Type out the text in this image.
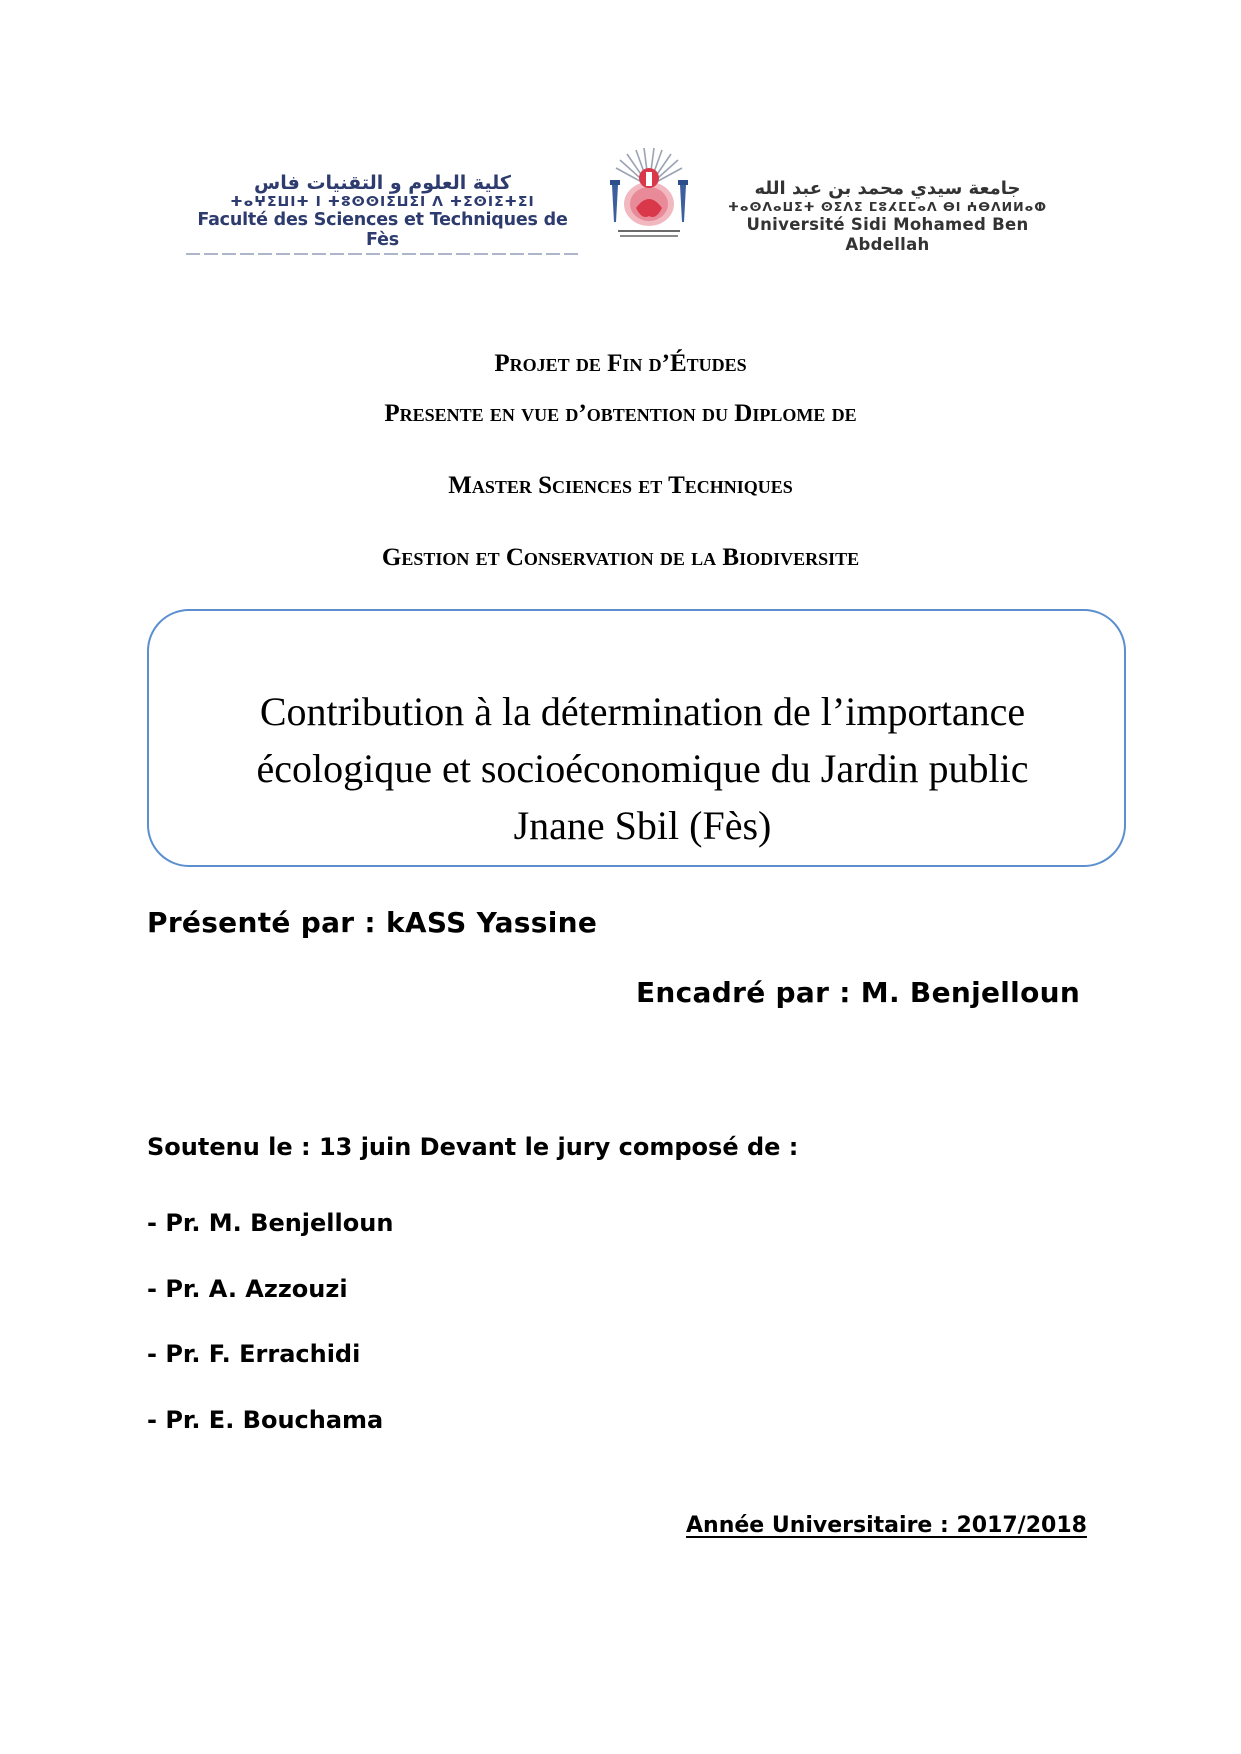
كلية العلوم و التقنيات فاس
ⵜⴰⵖⵉⵡⵏⵜ ⵏ ⵜⵓⵙⵙⵏⵉⵡⵉⵏ ⴷ ⵜⵉⵙⵏⵉⵜⵉⵏ
Faculté des Sciences et Techniques de Fès
جامعة سيدي محمد بن عبد الله
ⵜⴰⵙⴷⴰⵡⵉⵜ ⵙⵉⴷⵉ ⵎⵓⵃⵎⵎⴰⴷ ⴱⵏ ⵄⴱⴷⵍⵍⴰⵀ
Université Sidi Mohamed Ben Abdellah
Projet de Fin d’Études
Presente en vue d’obtention du Diplome de
Master Sciences et Techniques
Gestion et Conservation de la Biodiversite
Contribution à la détermination de l’importance
écologique et socioéconomique du Jardin public
Jnane Sbil (Fès)
Présenté par : kASS Yassine
Encadré par : M. Benjelloun
Soutenu le : 13 juin Devant le jury composé de :
- Pr. M. Benjelloun
- Pr. A. Azzouzi
- Pr. F. Errachidi
- Pr. E. Bouchama
Année Universitaire : 2017/2018
